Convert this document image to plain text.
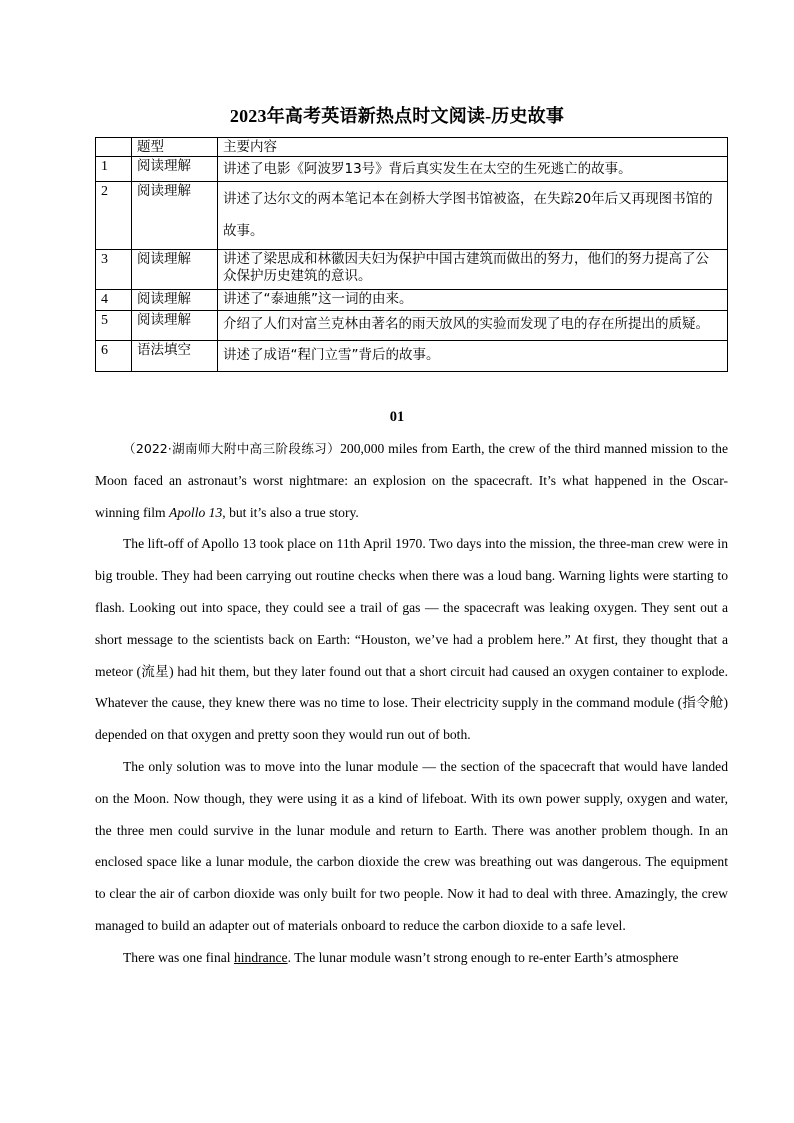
2023年高考英语新热点时文阅读-历史故事
	题型	主要内容
1	阅读理解	讲述了电影《阿波罗13号》背后真实发生在太空的生死逃亡的故事。
2	阅读理解	讲述了达尔文的两本笔记本在剑桥大学图书馆被盗，在失踪20年后又再现图书馆的故事。
3	阅读理解	讲述了梁思成和林徽因夫妇为保护中国古建筑而做出的努力，他们的努力提高了公众保护历史建筑的意识。
4	阅读理解	讲述了“泰迪熊”这一词的由来。
5	阅读理解	介绍了人们对富兰克林由著名的雨天放风的实验而发现了电的存在所提出的质疑。
6	语法填空	讲述了成语“程门立雪”背后的故事。
01

（2022·湖南师大附中高三阶段练习）200,000 miles from Earth, the crew of the third manned mission to the Moon faced an astronaut’s worst nightmare: an explosion on the spacecraft. It’s what happened in the Oscar-winning film Apollo 13, but it’s also a true story.

The lift-off of Apollo 13 took place on 11th April 1970. Two days into the mission, the three-man crew were in big trouble. They had been carrying out routine checks when there was a loud bang. Warning lights were starting to flash. Looking out into space, they could see a trail of gas — the spacecraft was leaking oxygen. They sent out a short message to the scientists back on Earth: “Houston, we’ve had a problem here.” At first, they thought that a meteor (流星) had hit them, but they later found out that a short circuit had caused an oxygen container to explode. Whatever the cause, they knew there was no time to lose. Their electricity supply in the command module (指令舱) depended on that oxygen and pretty soon they would run out of both.

The only solution was to move into the lunar module — the section of the spacecraft that would have landed on the Moon. Now though, they were using it as a kind of lifeboat. With its own power supply, oxygen and water, the three men could survive in the lunar module and return to Earth. There was another problem though. In an enclosed space like a lunar module, the carbon dioxide the crew was breathing out was dangerous. The equipment to clear the air of carbon dioxide was only built for two people. Now it had to deal with three. Amazingly, the crew managed to build an adapter out of materials onboard to reduce the carbon dioxide to a safe level.

There was one final hindrance. The lunar module wasn’t strong enough to re-enter Earth’s atmosphere
